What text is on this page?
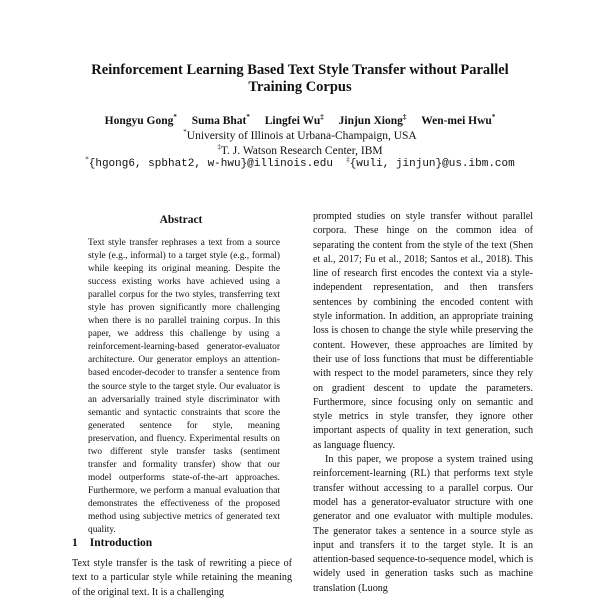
Reinforcement Learning Based Text Style Transfer without Parallel
Training Corpus
Hongyu Gong* Suma Bhat* Lingfei Wu‡ Jinjun Xiong‡ Wen-mei Hwu*
*University of Illinois at Urbana-Champaign, USA
‡T. J. Watson Research Center, IBM
*{hgong6, spbhat2, w-hwu}@illinois.edu ‡{wuli, jinjun}@us.ibm.com
Abstract
Text style transfer rephrases a text from a source style (e.g., informal) to a target style (e.g., formal) while keeping its original meaning. Despite the success existing works have achieved using a parallel corpus for the two styles, transferring text style has proven significantly more challenging when there is no parallel training corpus. In this paper, we address this challenge by using a reinforcement-learning-based generator-evaluator architecture. Our generator employs an attention-based encoder-decoder to transfer a sentence from the source style to the target style. Our evaluator is an adversarially trained style discriminator with semantic and syntactic constraints that score the generated sentence for style, meaning preservation, and fluency. Experimental results on two different style transfer tasks (sentiment transfer and formality transfer) show that our model outperforms state-of-the-art approaches. Furthermore, we perform a manual evaluation that demonstrates the effectiveness of the proposed method using subjective metrics of generated text quality.
1 Introduction
Text style transfer is the task of rewriting a piece of text to a particular style while retaining the meaning of the original text. It is a challenging

prompted studies on style transfer without parallel corpora. These hinge on the common idea of separating the content from the style of the text (Shen et al., 2017; Fu et al., 2018; Santos et al., 2018). This line of research first encodes the context via a style-independent representation, and then transfers sentences by combining the encoded content with style information. In addition, an appropriate training loss is chosen to change the style while preserving the content. However, these approaches are limited by their use of loss functions that must be differentiable with respect to the model parameters, since they rely on gradient descent to update the parameters. Furthermore, since focusing only on semantic and style metrics in style transfer, they ignore other important aspects of quality in text generation, such as language fluency.

In this paper, we propose a system trained using reinforcement-learning (RL) that performs text style transfer without accessing to a parallel corpus. Our model has a generator-evaluator structure with one generator and one evaluator with multiple modules. The generator takes a sentence in a source style as input and transfers it to the target style. It is an attention-based sequence-to-sequence model, which is widely used in generation tasks such as machine translation (Luong
